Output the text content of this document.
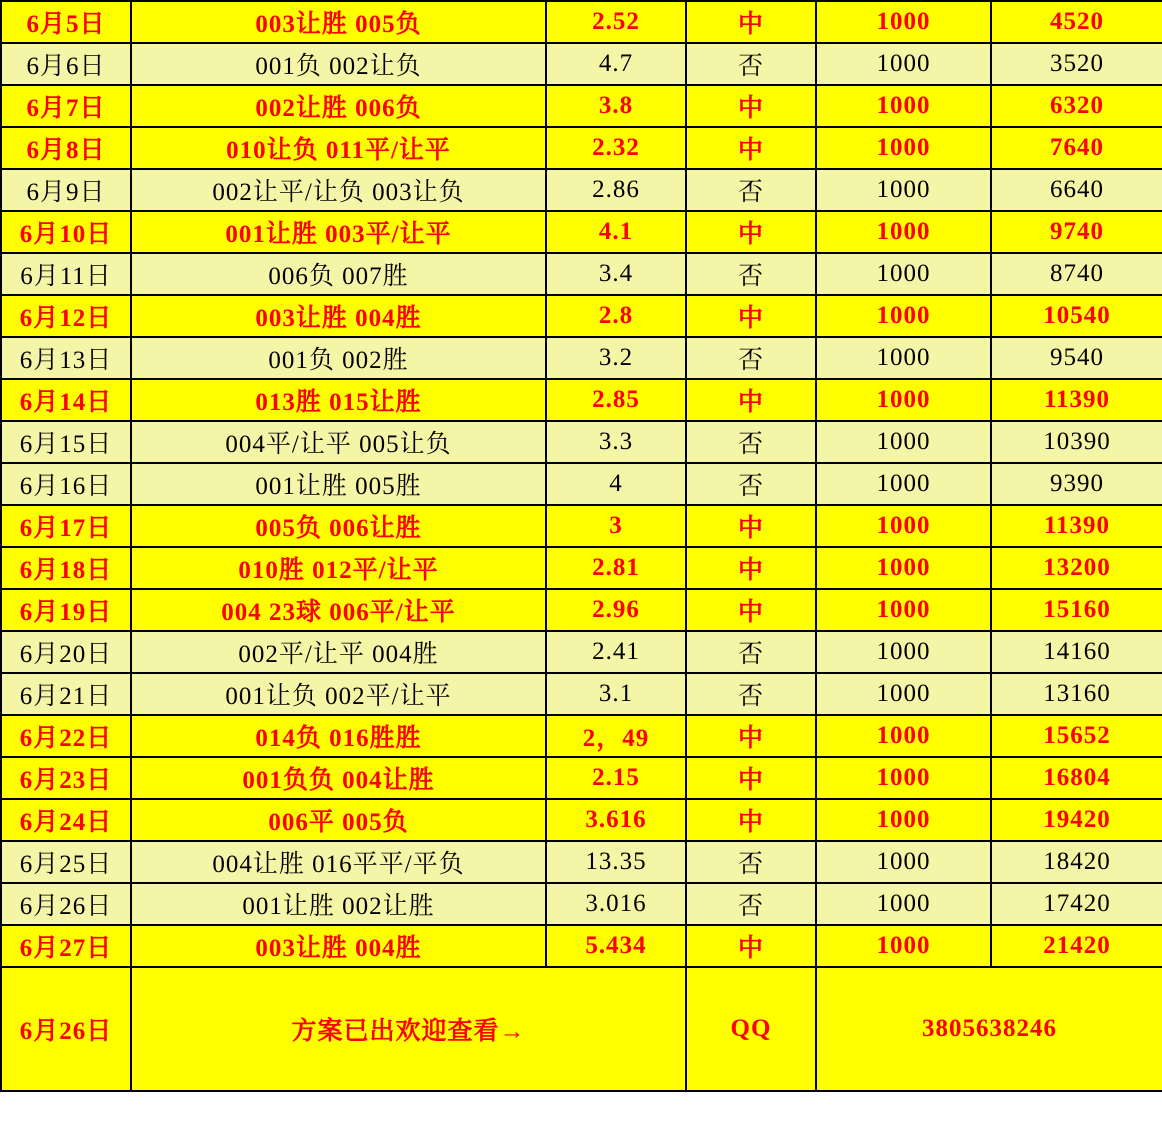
6月5日	003让胜 005负	2.52	中	1000	4520
6月6日	001负 002让负	4.7	否	1000	3520
6月7日	002让胜 006负	3.8	中	1000	6320
6月8日	010让负 011平/让平	2.32	中	1000	7640
6月9日	002让平/让负 003让负	2.86	否	1000	6640
6月10日	001让胜 003平/让平	4.1	中	1000	9740
6月11日	006负 007胜	3.4	否	1000	8740
6月12日	003让胜 004胜	2.8	中	1000	10540
6月13日	001负 002胜	3.2	否	1000	9540
6月14日	013胜 015让胜	2.85	中	1000	11390
6月15日	004平/让平 005让负	3.3	否	1000	10390
6月16日	001让胜 005胜	4	否	1000	9390
6月17日	005负 006让胜	3	中	1000	11390
6月18日	010胜 012平/让平	2.81	中	1000	13200
6月19日	004 23球 006平/让平	2.96	中	1000	15160
6月20日	002平/让平 004胜	2.41	否	1000	14160
6月21日	001让负 002平/让平	3.1	否	1000	13160
6月22日	014负 016胜胜	2，49	中	1000	15652
6月23日	001负负 004让胜	2.15	中	1000	16804
6月24日	006平 005负	3.616	中	1000	19420
6月25日	004让胜 016平平/平负	13.35	否	1000	18420
6月26日	001让胜 002让胜	3.016	否	1000	17420
6月27日	003让胜 004胜	5.434	中	1000	21420
6月26日	方案已出欢迎查看→		QQ	3805638246	
